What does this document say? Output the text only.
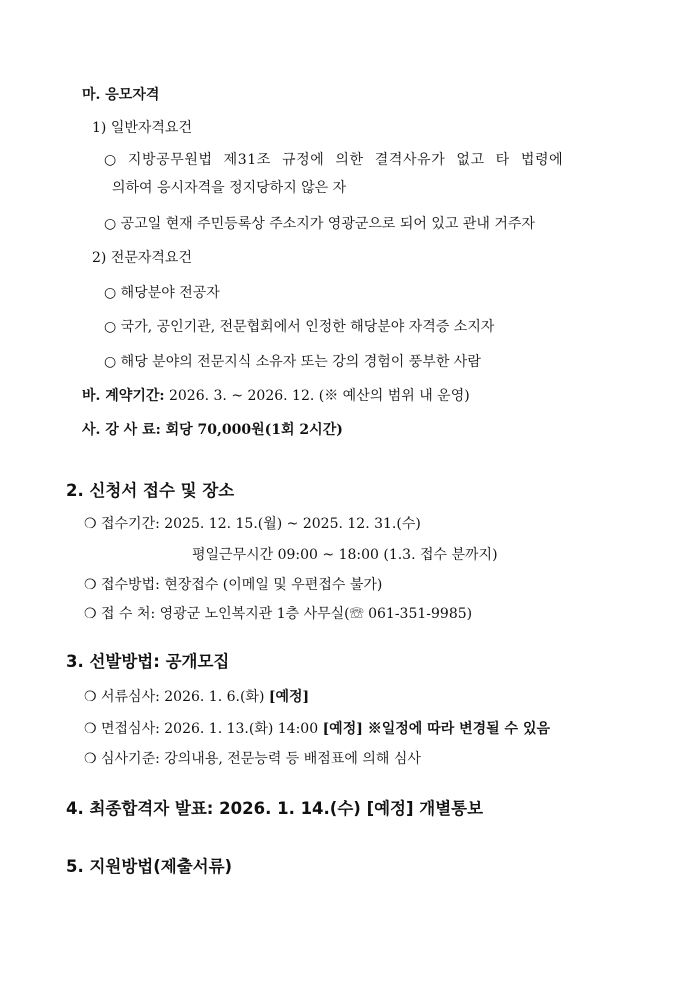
마. 응모자격
1) 일반자격요건
○ 지방공무원법 제31조 규정에 의한 결격사유가 없고 타 법령에
의하여 응시자격을 정지당하지 않은 자
○ 공고일 현재 주민등록상 주소지가 영광군으로 되어 있고 관내 거주자
2) 전문자격요건
○ 해당분야 전공자
○ 국가, 공인기관, 전문협회에서 인정한 해당분야 자격증 소지자
○ 해당 분야의 전문지식 소유자 또는 강의 경험이 풍부한 사람
바. 계약기간: 2026. 3. ~ 2026. 12. (※ 예산의 범위 내 운영)
사. 강 사 료: 회당 70,000원(1회 2시간)
2. 신청서 접수 및 장소
❍ 접수기간: 2025. 12. 15.(월) ~ 2025. 12. 31.(수)
평일근무시간 09:00 ~ 18:00 (1.3. 접수 분까지)
❍ 접수방법: 현장접수 (이메일 및 우편접수 불가)
❍ 접 수 처: 영광군 노인복지관 1층 사무실(☏ 061-351-9985)
3. 선발방법: 공개모집
❍ 서류심사: 2026. 1. 6.(화) [예정]
❍ 면접심사: 2026. 1. 13.(화) 14:00 [예정] ※일정에 따라 변경될 수 있음
❍ 심사기준: 강의내용, 전문능력 등 배점표에 의해 심사
4. 최종합격자 발표: 2026. 1. 14.(수) [예정] 개별통보
5. 지원방법(제출서류)
